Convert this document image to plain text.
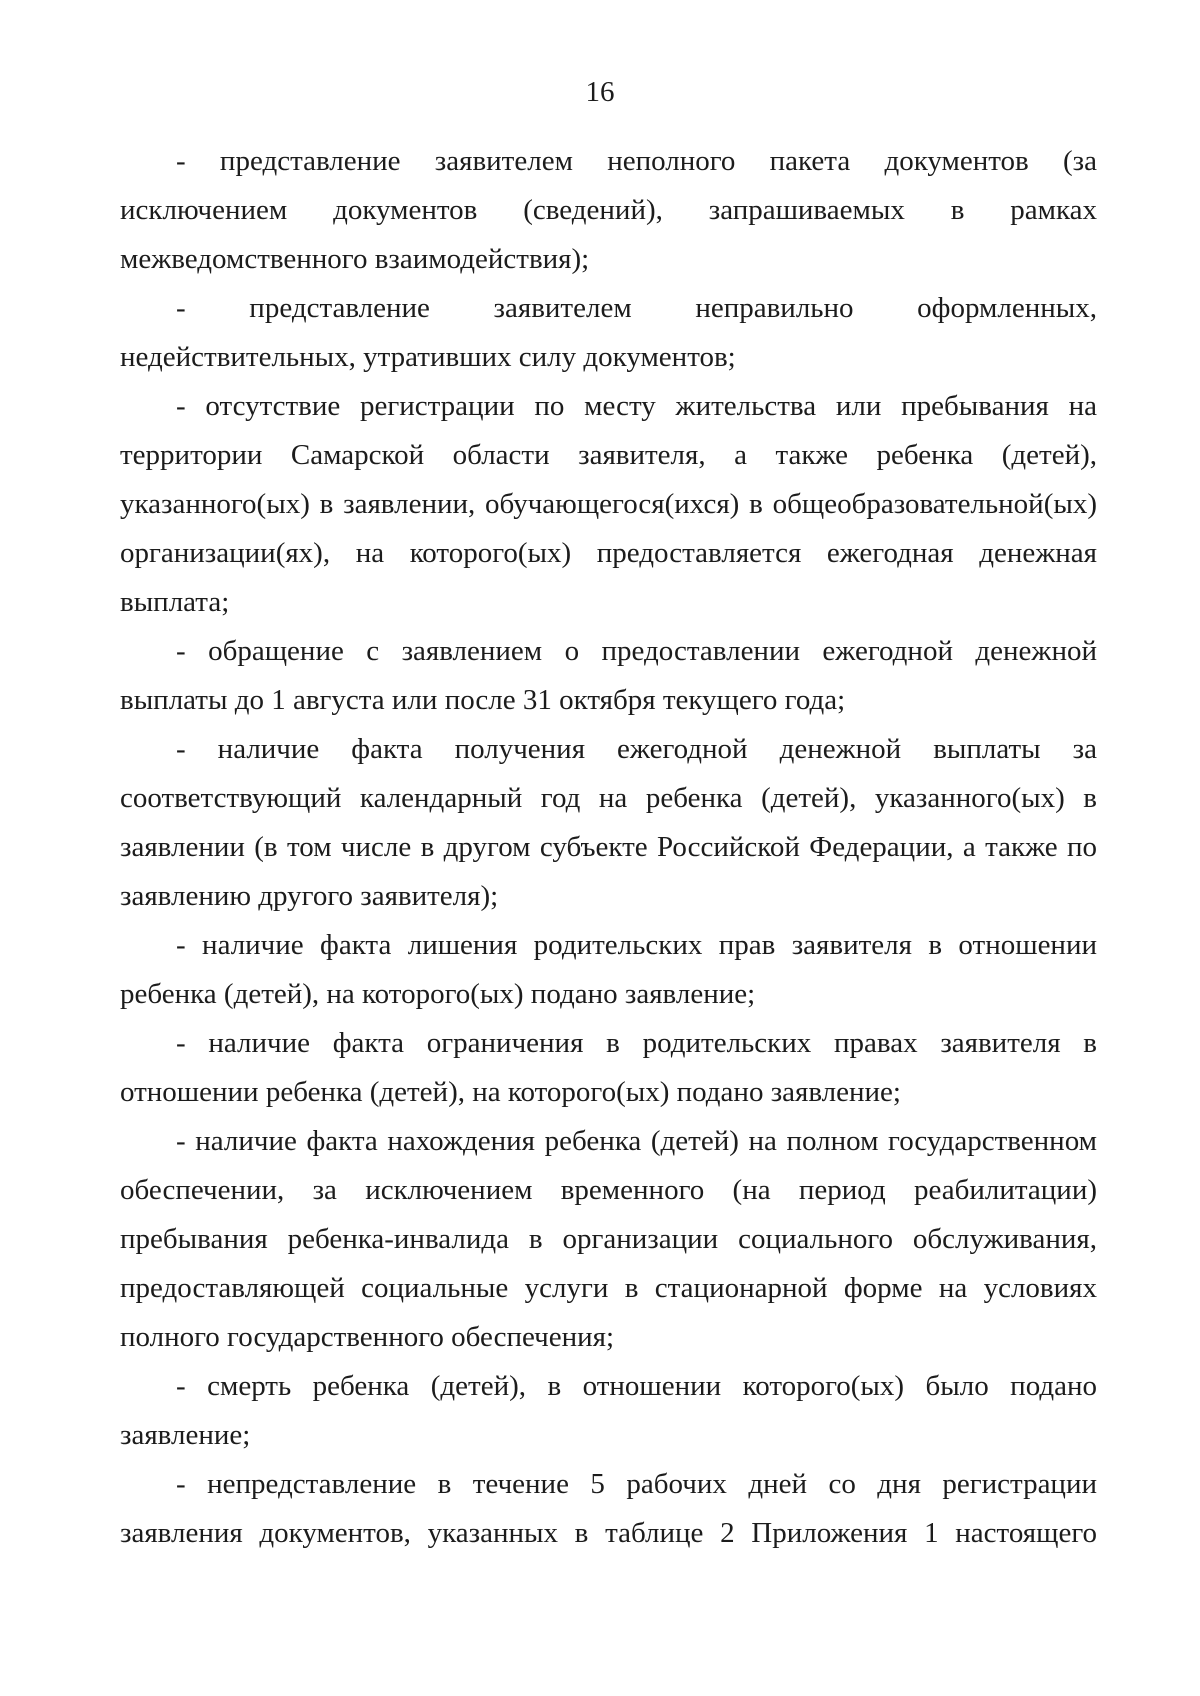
16

- представление заявителем неполного пакета документов (за исключением документов (сведений), запрашиваемых в рамках межведомственного взаимодействия);

- представление заявителем неправильно оформленных, недействительных, утративших силу документов;

- отсутствие регистрации по месту жительства или пребывания на территории Самарской области заявителя, а также ребенка (детей), указанного(ых) в заявлении, обучающегося(ихся) в общеобразовательной(ых) организации(ях), на которого(ых) предоставляется ежегодная денежная выплата;

- обращение с заявлением о предоставлении ежегодной денежной выплаты до 1 августа или после 31 октября текущего года;

- наличие факта получения ежегодной денежной выплаты за соответствующий календарный год на ребенка (детей), указанного(ых) в заявлении (в том числе в другом субъекте Российской Федерации, а также по заявлению другого заявителя);

- наличие факта лишения родительских прав заявителя в отношении ребенка (детей), на которого(ых) подано заявление;

- наличие факта ограничения в родительских правах заявителя в отношении ребенка (детей), на которого(ых) подано заявление;

- наличие факта нахождения ребенка (детей) на полном государственном обеспечении, за исключением временного (на период реабилитации) пребывания ребенка-инвалида в организации социального обслуживания, предоставляющей социальные услуги в стационарной форме на условиях полного государственного обеспечения;

- смерть ребенка (детей), в отношении которого(ых) было подано заявление;

- непредставление в течение 5 рабочих дней со дня регистрации заявления документов, указанных в таблице 2 Приложения 1 настоящего
